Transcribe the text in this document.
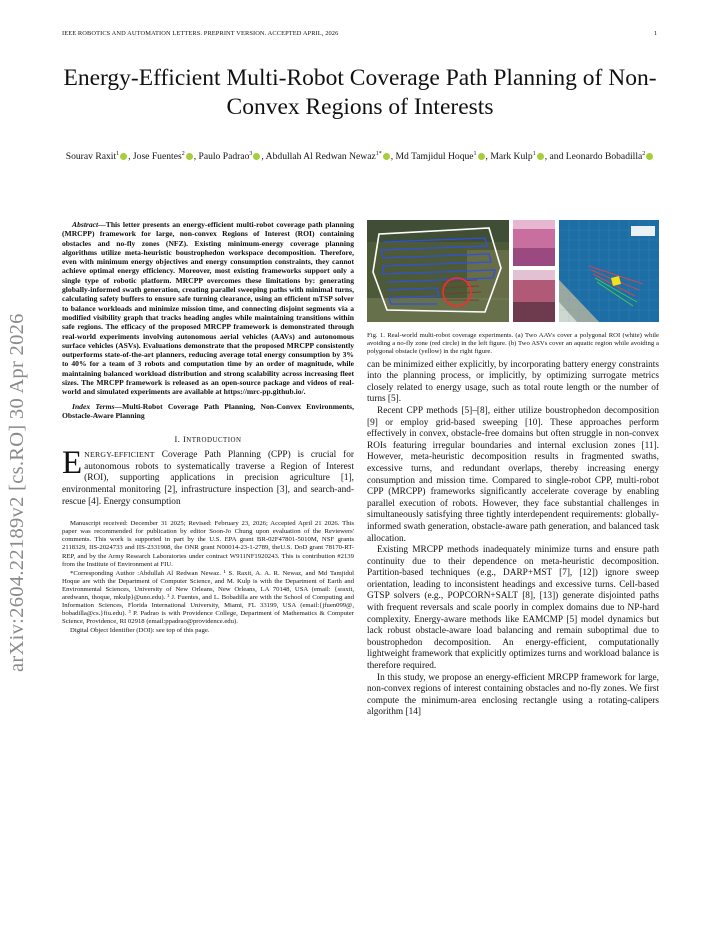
IEEE ROBOTICS AND AUTOMATION LETTERS. PREPRINT VERSION. ACCEPTED APRIL, 2026	1
Energy-Efficient Multi-Robot Coverage Path Planning of Non-Convex Regions of Interests
Sourav Raxit$^1$ , Jose Fuentes$^2$ , Paulo Padrao$^3$ , Abdullah Al Redwan Newaz$^{1*}$ , Md Tamjidul Hoque$^1$ , Mark Kulp$^1$ , and Leonardo Bobadilla$^2$
arXiv:2604.22189v2 [cs.RO] 30 Apr 2026

Abstract—This letter presents an energy-efficient multi-robot coverage path planning (MRCPP) framework for large, non-convex Regions of Interest (ROI) containing obstacles and no-fly zones (NFZ). Existing minimum-energy coverage planning algorithms utilize meta-heuristic boustrophedon workspace decomposition. Therefore, even with minimum energy objectives and energy consumption constraints, they cannot achieve optimal energy efficiency. Moreover, most existing frameworks support only a single type of robotic platform. MRCPP overcomes these limitations by: generating globally-informed swath generation, creating parallel sweeping paths with minimal turns, calculating safety buffers to ensure safe turning clearance, using an efficient mTSP solver to balance workloads and minimize mission time, and connecting disjoint segments via a modified visibility graph that tracks heading angles while maintaining transitions within safe regions. The efficacy of the proposed MRCPP framework is demonstrated through real-world experiments involving autonomous aerial vehicles (AAVs) and autonomous surface vehicles (ASVs). Evaluations demonstrate that the proposed MRCPP consistently outperforms state-of-the-art planners, reducing average total energy consumption by 3% to 40% for a team of 3 robots and computation time by an order of magnitude, while maintaining balanced workload distribution and strong scalability across increasing fleet sizes. The MRCPP framework is released as an open-source package and videos of real-world and simulated experiments are available at https://mrc-pp.github.io/.

Index Terms—Multi-Robot Coverage Path Planning, Non-Convex Environments, Obstacle-Aware Planning

I. INTRODUCTION

ENERGY-EFFICIENT Coverage Path Planning (CPP) is crucial for autonomous robots to systematically traverse a Region of Interest (ROI), supporting applications in precision agriculture [1], environmental monitoring [2], infrastructure inspection [3], and search-and-rescue [4]. Energy consumption

Manuscript received: December 31 2025; Revised: February 23, 2026; Accepted April 21 2026. This paper was recommended for publication by editor Soon-Jo Chung upon evaluation of the Reviewers' comments. This work is supported in part by the U.S. EPA grant BR-02F47801-5010M, NSF grants 2118329, IIS-2024733 and IIS-2331908, the ONR grant N00014-23-1-2789, theU.S. DoD grant 78170-RT-REP, and by the Army Research Laboratories under contract W911NF1920243. This is contribution #2139 from the Institute of Environment at FIU.

*Corresponding Author :Abdullah Al Redwan Newaz. ¹ S. Raxit, A. A. R. Newaz, and Md Tamjidul Hoque are with the Department of Computer Science, and M. Kulp is with the Department of Earth and Environmental Sciences, University of New Orleans, New Orleans, LA 70148, USA (email: {sraxit, aredwann, thoque, mkulp}@uno.edu). ² J. Fuentes, and L. Bobadilla are with the School of Computing and Information Sciences, Florida International University, Miami, FL 33199, USA (email:{jfuen099@, bobadilla@cs.}fiu.edu). ³ P. Padrao is with Providence College, Department of Mathematics & Computer Science, Providence, RI 02918 (email:ppadrao@providence.edu).

Digital Object Identifier (DOI): see top of this page.

Fig. 1. Real-world multi-robot coverage experiments. (a) Two AAVs cover a polygonal ROI (white) while avoiding a no-fly zone (red circle) in the left figure. (b) Two ASVs cover an aquatic region while avoiding a polygonal obstacle (yellow) in the right figure.

can be minimized either explicitly, by incorporating battery energy constraints into the planning process, or implicitly, by optimizing surrogate metrics closely related to energy usage, such as total route length or the number of turns [5].

Recent CPP methods [5]–[8], either utilize boustrophedon decomposition [9] or employ grid-based sweeping [10]. These approaches perform effectively in convex, obstacle-free domains but often struggle in non-convex ROIs featuring irregular boundaries and internal exclusion zones [11]. However, meta-heuristic decomposition results in fragmented swaths, excessive turns, and redundant overlaps, thereby increasing energy consumption and mission time. Compared to single-robot CPP, multi-robot CPP (MRCPP) frameworks significantly accelerate coverage by enabling parallel execution of robots. However, they face substantial challenges in simultaneously satisfying three tightly interdependent requirements: globally-informed swath generation, obstacle-aware path generation, and balanced task allocation.

Existing MRCPP methods inadequately minimize turns and ensure path continuity due to their dependence on meta-heuristic decomposition. Partition-based techniques (e.g., DARP+MST [7], [12]) ignore sweep orientation, leading to inconsistent headings and excessive turns. Cell-based GTSP solvers (e.g., POPCORN+SALT [8], [13]) generate disjointed paths with frequent reversals and scale poorly in complex domains due to NP-hard complexity. Energy-aware methods like EAMCMP [5] model dynamics but lack robust obstacle-aware load balancing and remain suboptimal due to boustrophedon decomposition. An energy-efficient, computationally lightweight framework that explicitly optimizes turns and workload balance is therefore required.

In this study, we propose an energy-efficient MRCPP framework for large, non-convex regions of interest containing obstacles and no-fly zones. We first compute the minimum-area enclosing rectangle using a rotating-calipers algorithm [14]
